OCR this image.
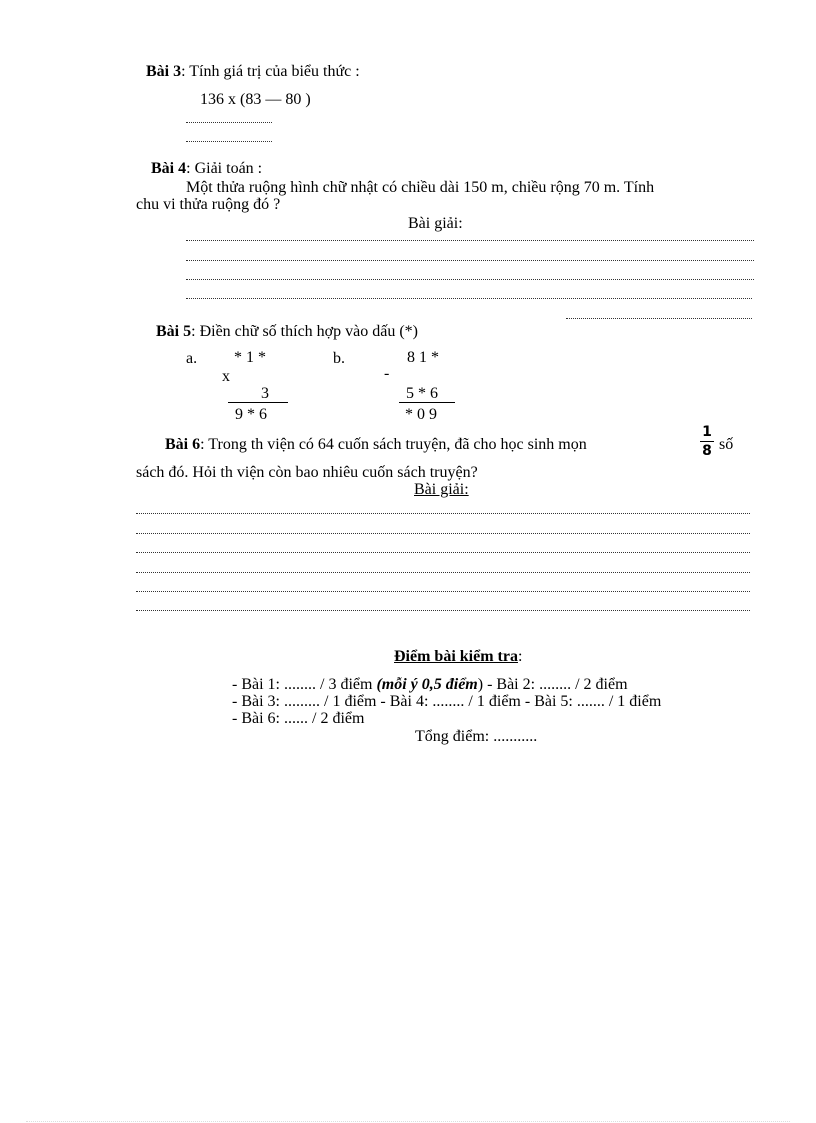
Bài 3: Tính giá trị của biểu thức :
136 x (83 — 80 )
Bài 4: Giải toán :
Một thửa ruộng hình chữ nhật có chiều dài 150 m, chiều rộng 70 m. Tính
chu vi thửa ruộng đó ?
Bài giải:
Bài 5: Điền chữ số thích hợp vào dấu (*)
a. * 1 *
x
3
9 * 6
b.	8 1 *
-
5 * 6
* 0 9
Bài 6: Trong th viện có 64 cuốn sách truyện, đã cho học sinh mọn
1
8 số
sách đó. Hỏi th viện còn bao nhiêu cuốn sách truyện?
Bài giải:
Điểm bài kiểm tra:
- Bài 1: ........ / 3 điểm (mỗi ý 0,5 điểm) - Bài 2: ........ / 2 điểm
- Bài 3: ......... / 1 điểm - Bài 4: ........ / 1 điểm - Bài 5: ....... / 1 điểm
- Bài 6: ...... / 2 điểm
Tổng điểm: ...........
